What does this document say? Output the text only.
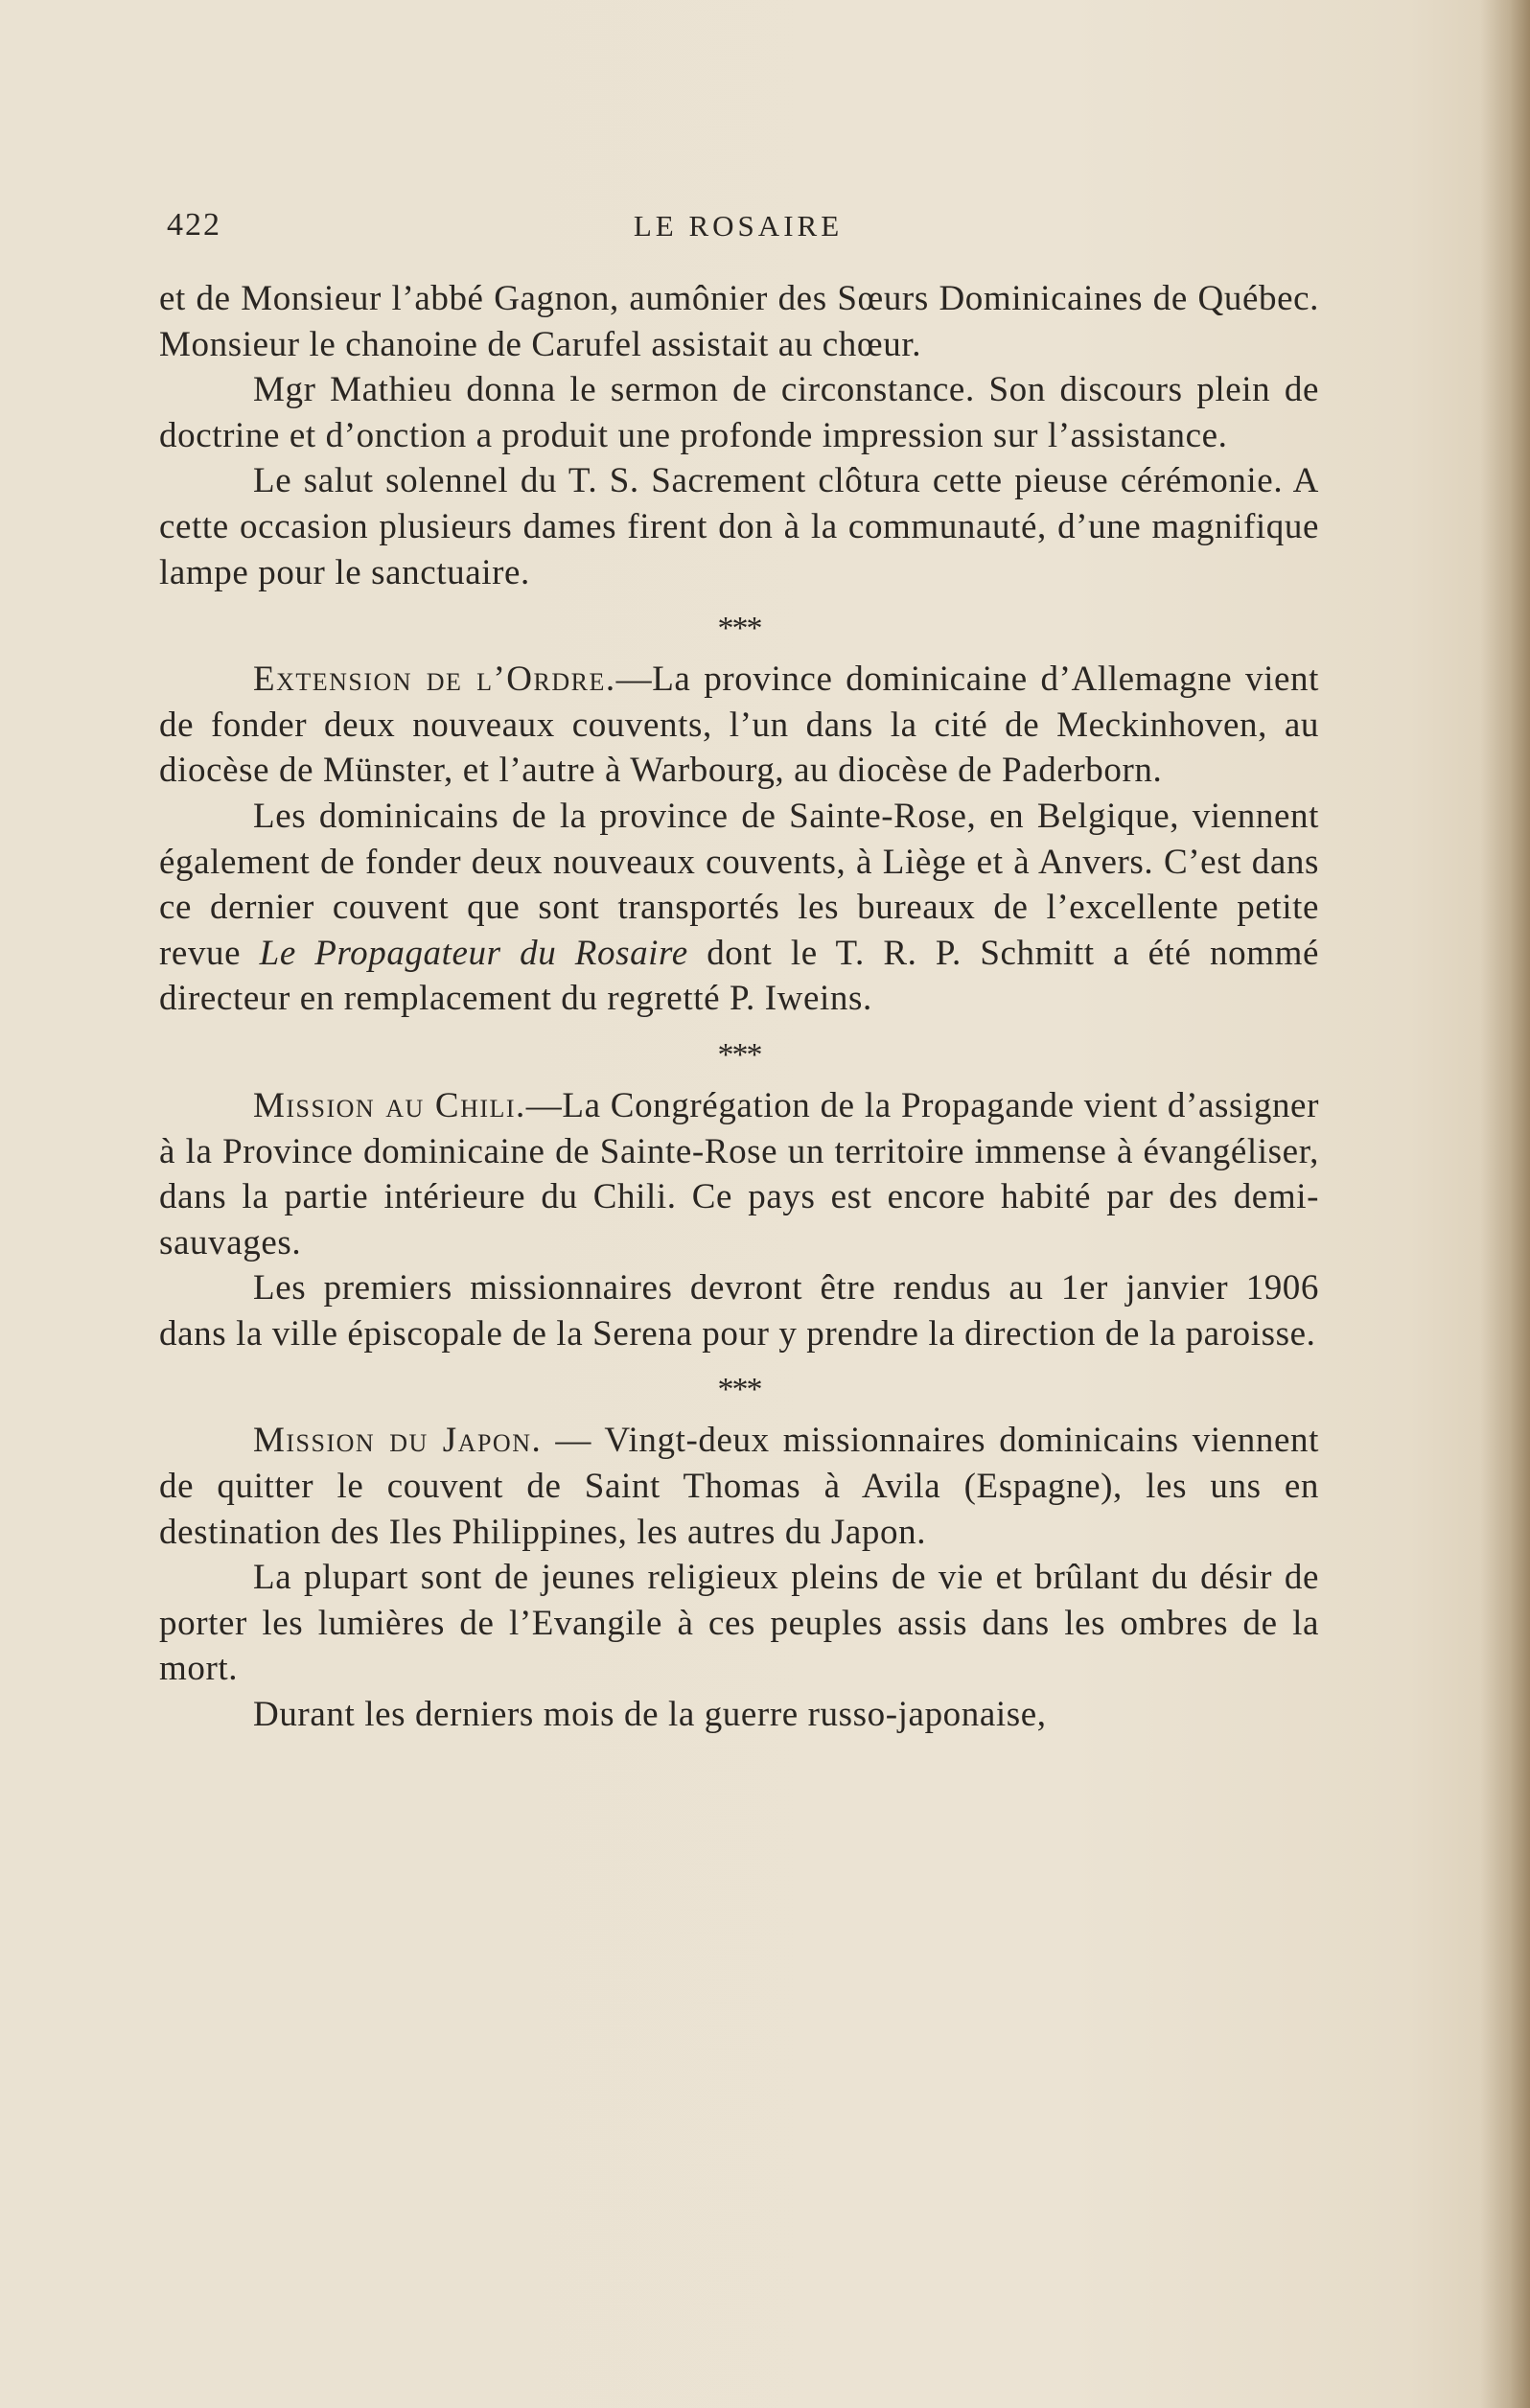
422	LE ROSAIRE

et de Monsieur l’abbé Gagnon, aumônier des Sœurs Dominicaines de Québec. Monsieur le chanoine de Carufel assistait au chœur.

Mgr Mathieu donna le sermon de circonstance. Son discours plein de doctrine et d’onction a produit une profonde impression sur l’assistance.

Le salut solennel du T. S. Sacrement clôtura cette pieuse cérémonie. A cette occasion plusieurs dames firent don à la communauté, d’une magnifique lampe pour le sanctuaire.

***

Extension de l’Ordre.—La province dominicaine d’Allemagne vient de fonder deux nouveaux couvents, l’un dans la cité de Meckinhoven, au diocèse de Münster, et l’autre à Warbourg, au diocèse de Paderborn.

Les dominicains de la province de Sainte-Rose, en Belgique, viennent également de fonder deux nouveaux couvents, à Liège et à Anvers. C’est dans ce dernier couvent que sont transportés les bureaux de l’excellente petite revue Le Propagateur du Rosaire dont le T. R. P. Schmitt a été nommé directeur en remplacement du regretté P. Iweins.

***

Mission au Chili.—La Congrégation de la Propagande vient d’assigner à la Province dominicaine de Sainte-Rose un territoire immense à évangéliser, dans la partie intérieure du Chili. Ce pays est encore habité par des demi-sauvages.

Les premiers missionnaires devront être rendus au 1er janvier 1906 dans la ville épiscopale de la Serena pour y prendre la direction de la paroisse.

***

Mission du Japon. — Vingt-deux missionnaires dominicains viennent de quitter le couvent de Saint Thomas à Avila (Espagne), les uns en destination des Iles Philippines, les autres du Japon.

La plupart sont de jeunes religieux pleins de vie et brûlant du désir de porter les lumières de l’Evangile à ces peuples assis dans les ombres de la mort.

Durant les derniers mois de la guerre russo-japonaise,
